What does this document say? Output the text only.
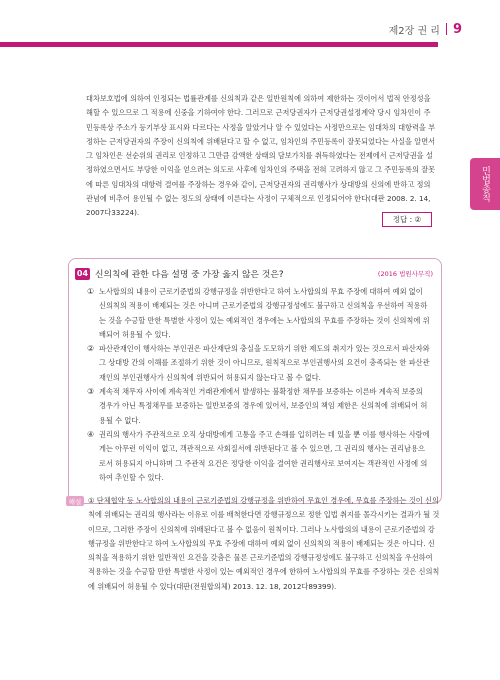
제2장 권 리 9
민법총칙

대차보호법에 의하여 인정되는 법률관계를 신의칙과 같은 일반원칙에 의하여 제한하는 것이어서 법적 안정성을 해할 수 있으므로 그 적용에 신중을 기하여야 한다. 그러므로 근저당권자가 근저당권설정계약 당시 임차인이 주민등록상 주소가 등기부상 표시와 다르다는 사정을 알았거나 알 수 있었다는 사정만으로는 임대차의 대항력을 부정하는 근저당권자의 주장이 신의칙에 위배된다고 할 수 없고, 임차인의 주민등록이 잘못되었다는 사실을 알면서 그 임차인은 선순위의 권리로 인정하고 그만큼 감액한 상태의 담보가치를 취득하였다는 전제에서 근저당권을 설정하였으면서도 부당한 이익을 얻으려는 의도로 사후에 임차인의 주택을 전혀 고려하지 않고 그 주민등록의 잘못에 따른 임대차의 대항력 결여를 주장하는 경우와 같이, 근저당권자의 권리행사가 상대방의 신의에 반하고 정의관념에 비추어 용인될 수 없는 정도의 상태에 이른다는 사정이 구체적으로 인정되어야 한다(대판 2008. 2. 14, 2007다33224).

정답 : ②
04 신의칙에 관한 다음 설명 중 가장 옳지 않은 것은?	(2016 법원사무직)
① 노사합의의 내용이 근로기준법의 강행규정을 위반한다고 하여 노사합의의 무효 주장에 대하여 예외 없이 신의칙의 적용이 배제되는 것은 아니며 근로기준법의 강행규정성에도 불구하고 신의칙을 우선하여 적용하는 것을 수긍할 만한 특별한 사정이 있는 예외적인 경우에는 노사합의의 무효를 주장하는 것이 신의칙에 위배되어 허용될 수 있다.
② 파산관재인이 행사하는 부인권은 파산재단의 충실을 도모하기 위한 제도의 취지가 있는 것으로서 파산자와 그 상대방 간의 이해를 조절하기 위한 것이 아니므로, 원칙적으로 부인권행사의 요건이 충족되는 한 파산관재인의 부인권행사가 신의칙에 위반되어 허용되지 않는다고 볼 수 없다.
③ 계속적 채무자 사이에 계속적인 거래관계에서 발생하는 불확정한 채무를 보증하는 이른바 계속적 보증의 경우가 아닌 특정채무를 보증하는 일반보증의 경우에 있어서, 보증인의 책임 제한은 신의칙에 위배되어 허용될 수 없다.
④ 권리의 행사가 주관적으로 오직 상대방에게 고통을 주고 손해를 입히려는 데 있을 뿐 이를 행사하는 사람에게는 아무런 이익이 없고, 객관적으로 사회질서에 위반된다고 볼 수 있으면, 그 권리의 행사는 권리남용으로서 허용되지 아니하며 그 주관적 요건은 정당한 이익을 결여한 권리행사로 보여지는 객관적인 사정에 의하여 추인할 수 있다.
해설 ① 단체협약 등 노사합의의 내용이 근로기준법의 강행규정을 위반하여 무효인 경우에, 무효를 주장하는 것이 신의칙에 위배되는 권리의 행사라는 이유로 이를 배척한다면 강행규정으로 정한 입법 취지를 몰각시키는 결과가 될 것이므로, 그러한 주장이 신의칙에 위배된다고 볼 수 없음이 원칙이다. 그러나 노사합의의 내용이 근로기준법의 강행규정을 위반한다고 하여 노사합의의 무효 주장에 대하여 예외 없이 신의칙의 적용이 배제되는 것은 아니다. 신의칙을 적용하기 위한 일반적인 요건을 갖춤은 물론 근로기준법의 강행규정성에도 불구하고 신의칙을 우선하여 적용하는 것을 수긍할 만한 특별한 사정이 있는 예외적인 경우에 한하여 노사합의의 무효를 주장하는 것은 신의칙에 위배되어 허용될 수 있다(대판(전원합의체) 2013. 12. 18, 2012다89399).
